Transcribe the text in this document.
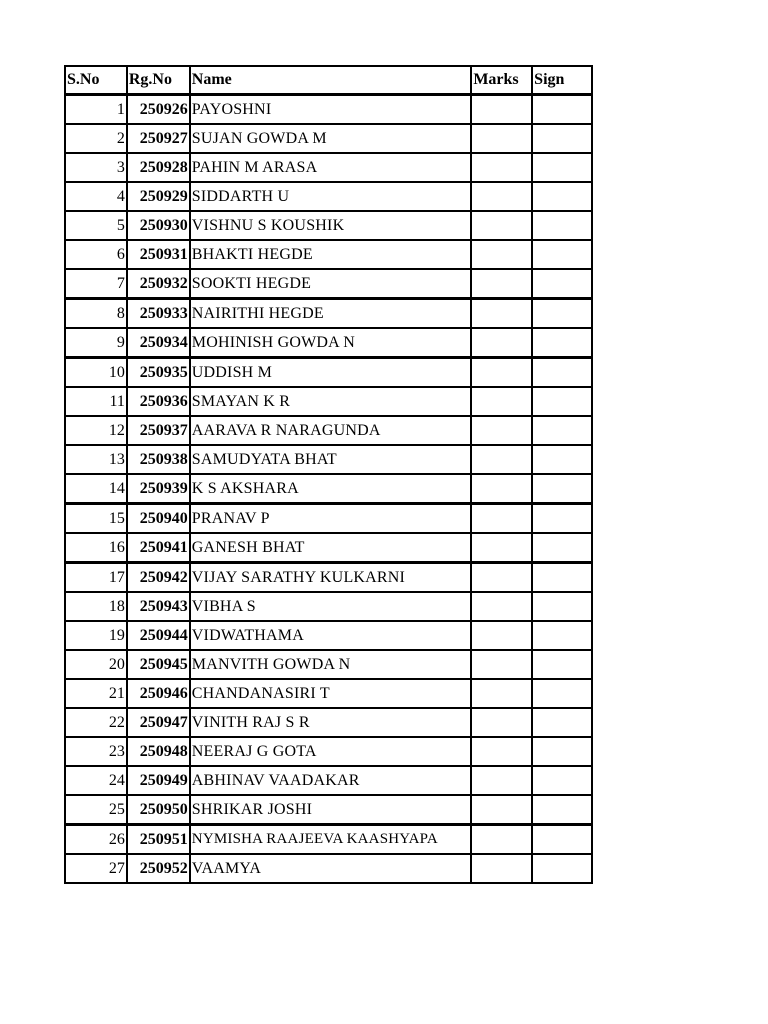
S.No	Rg.No	Name	Marks	Sign
1	250926	PAYOSHNI		
2	250927	SUJAN GOWDA M		
3	250928	PAHIN M ARASA		
4	250929	SIDDARTH U		
5	250930	VISHNU S KOUSHIK		
6	250931	BHAKTI HEGDE		
7	250932	SOOKTI HEGDE		
8	250933	NAIRITHI HEGDE		
9	250934	MOHINISH GOWDA N		
10	250935	UDDISH M		
11	250936	SMAYAN K R		
12	250937	AARAVA R NARAGUNDA		
13	250938	SAMUDYATA BHAT		
14	250939	K S AKSHARA		
15	250940	PRANAV P		
16	250941	GANESH BHAT		
17	250942	VIJAY SARATHY KULKARNI		
18	250943	VIBHA S		
19	250944	VIDWATHAMA		
20	250945	MANVITH GOWDA N		
21	250946	CHANDANASIRI T		
22	250947	VINITH RAJ S R		
23	250948	NEERAJ G GOTA		
24	250949	ABHINAV VAADAKAR		
25	250950	SHRIKAR JOSHI		
26	250951	NYMISHA RAAJEEVA KAASHYAPA		
27	250952	VAAMYA		
